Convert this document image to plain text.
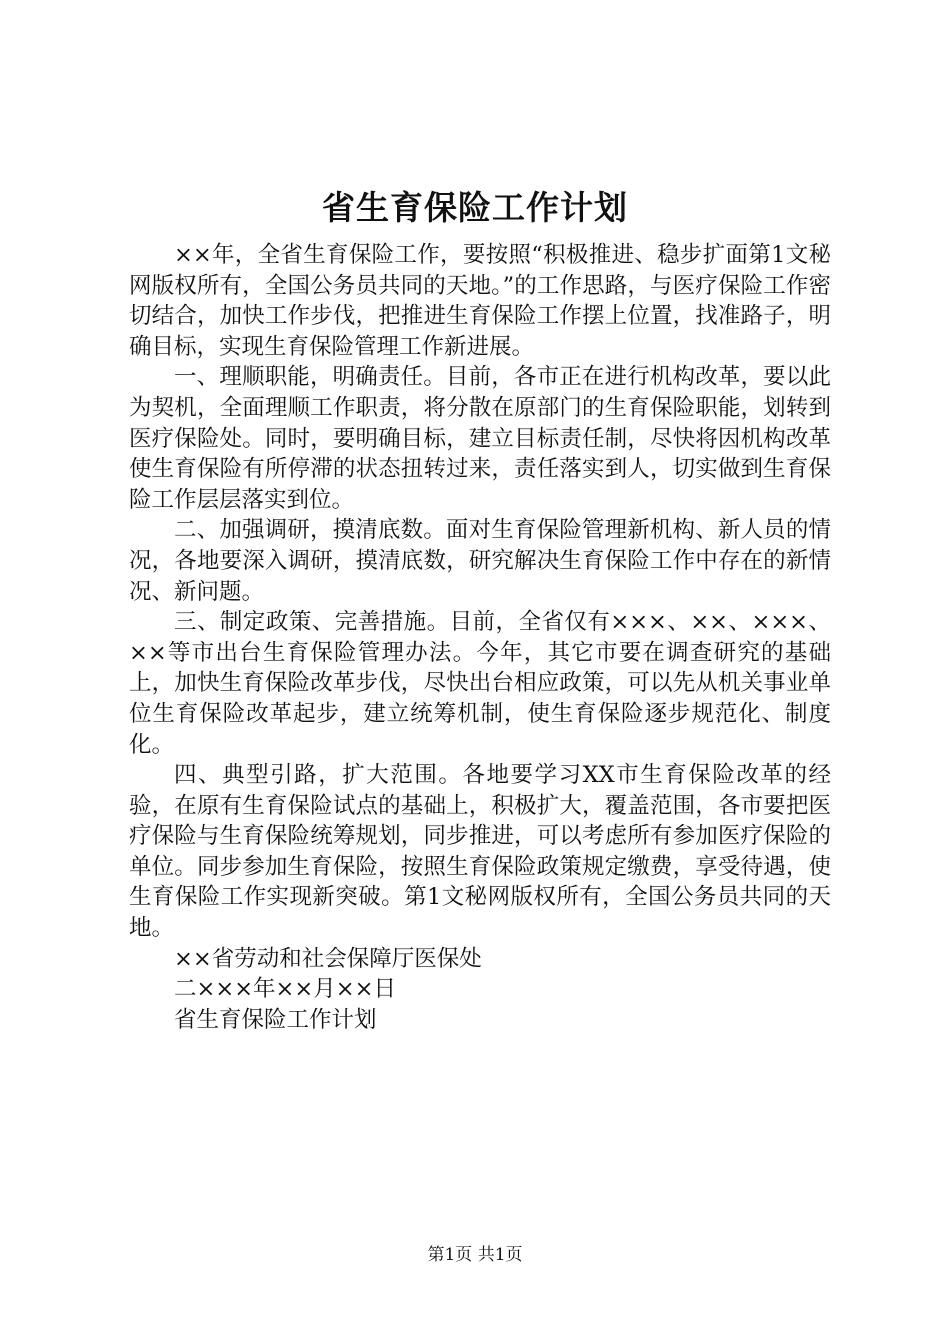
省生育保险工作计划

××年，全省生育保险工作，要按照“积极推进、稳步扩面第1文秘网版权所有，全国公务员共同的天地。”的工作思路，与医疗保险工作密切结合，加快工作步伐，把推进生育保险工作摆上位置，找准路子，明确目标，实现生育保险管理工作新进展。

一、理顺职能，明确责任。目前，各市正在进行机构改革，要以此为契机，全面理顺工作职责，将分散在原部门的生育保险职能，划转到医疗保险处。同时，要明确目标，建立目标责任制，尽快将因机构改革使生育保险有所停滞的状态扭转过来，责任落实到人，切实做到生育保险工作层层落实到位。

二、加强调研，摸清底数。面对生育保险管理新机构、新人员的情况，各地要深入调研，摸清底数，研究解决生育保险工作中存在的新情况、新问题。

三、制定政策、完善措施。目前，全省仅有×××、××、×××、××等市出台生育保险管理办法。今年，其它市要在调查研究的基础上，加快生育保险改革步伐，尽快出台相应政策，可以先从机关事业单位生育保险改革起步，建立统筹机制，使生育保险逐步规范化、制度化。

四、典型引路，扩大范围。各地要学习XX市生育保险改革的经验，在原有生育保险试点的基础上，积极扩大，覆盖范围，各市要把医疗保险与生育保险统筹规划，同步推进，可以考虑所有参加医疗保险的单位。同步参加生育保险，按照生育保险政策规定缴费，享受待遇，使生育保险工作实现新突破。第1文秘网版权所有，全国公务员共同的天地。

××省劳动和社会保障厅医保处

二×××年××月××日

省生育保险工作计划

第1页 共1页
